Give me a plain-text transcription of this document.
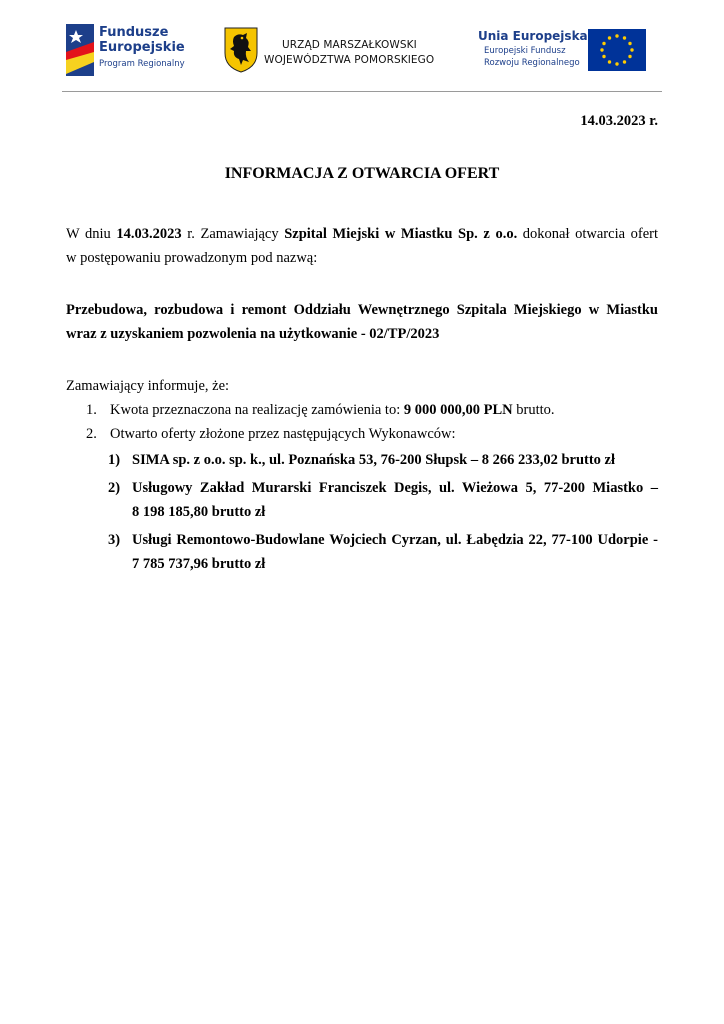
Fundusze
Europejskie
Program Regionalny
URZĄD MARSZAŁKOWSKI
WOJEWÓDZTWA POMORSKIEGO
Unia Europejska
Europejski Fundusz
Rozwoju Regionalnego
14.03.2023 r.
INFORMACJA Z OTWARCIA OFERT
W dniu 14.03.2023 r. Zamawiający Szpital Miejski w Miastku Sp. z o.o. dokonał otwarcia ofert
w postępowaniu prowadzonym pod nazwą:
Przebudowa, rozbudowa i remont Oddziału Wewnętrznego Szpitala Miejskiego w Miastku
wraz z uzyskaniem pozwolenia na użytkowanie - 02/TP/2023
Zamawiający informuje, że:
1. Kwota przeznaczona na realizację zamówienia to: 9 000 000,00 PLN brutto.
2. Otwarto oferty złożone przez następujących Wykonawców:
1) SIMA sp. z o.o. sp. k., ul. Poznańska 53, 76-200 Słupsk – 8 266 233,02 brutto zł
2) Usługowy Zakład Murarski Franciszek Degis, ul. Wieżowa 5, 77-200 Miastko –
8 198 185,80 brutto zł
3) Usługi Remontowo-Budowlane Wojciech Cyrzan, ul. Łabędzia 22, 77-100 Udorpie -
7 785 737,96 brutto zł
